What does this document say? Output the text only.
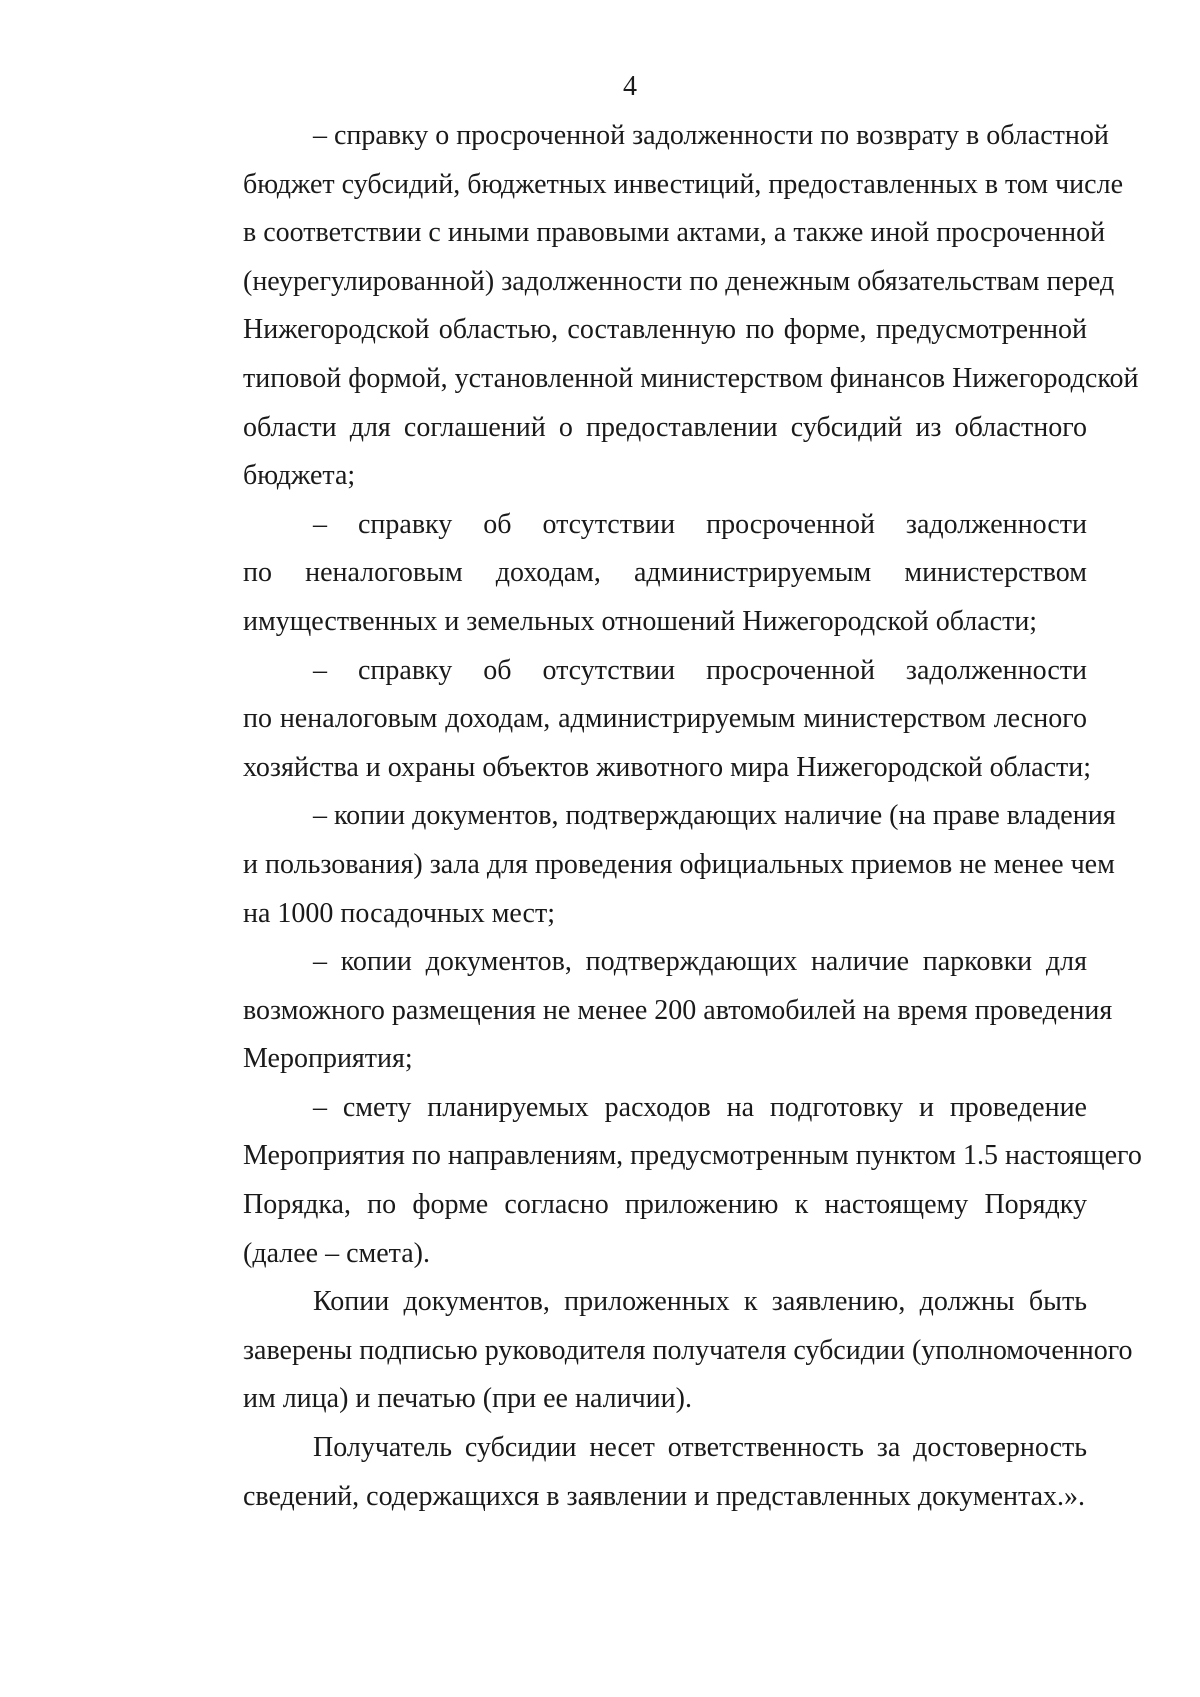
4
– справку о просроченной задолженности по возврату в областной
бюджет субсидий, бюджетных инвестиций, предоставленных в том числе
в соответствии с иными правовыми актами, а также иной просроченной
(неурегулированной) задолженности по денежным обязательствам перед
Нижегородской областью, составленную по форме, предусмотренной
типовой формой, установленной министерством финансов Нижегородской
области для соглашений о предоставлении субсидий из областного
бюджета;
– справку об отсутствии просроченной задолженности
по неналоговым доходам, администрируемым министерством
имущественных и земельных отношений Нижегородской области;
– справку об отсутствии просроченной задолженности
по неналоговым доходам, администрируемым министерством лесного
хозяйства и охраны объектов животного мира Нижегородской области;
– копии документов, подтверждающих наличие (на праве владения
и пользования) зала для проведения официальных приемов не менее чем
на 1000 посадочных мест;
– копии документов, подтверждающих наличие парковки для
возможного размещения не менее 200 автомобилей на время проведения
Мероприятия;
– смету планируемых расходов на подготовку и проведение
Мероприятия по направлениям, предусмотренным пунктом 1.5 настоящего
Порядка, по форме согласно приложению к настоящему Порядку
(далее – смета).
Копии документов, приложенных к заявлению, должны быть
заверены подписью руководителя получателя субсидии (уполномоченного
им лица) и печатью (при ее наличии).
Получатель субсидии несет ответственность за достоверность
сведений, содержащихся в заявлении и представленных документах.».
